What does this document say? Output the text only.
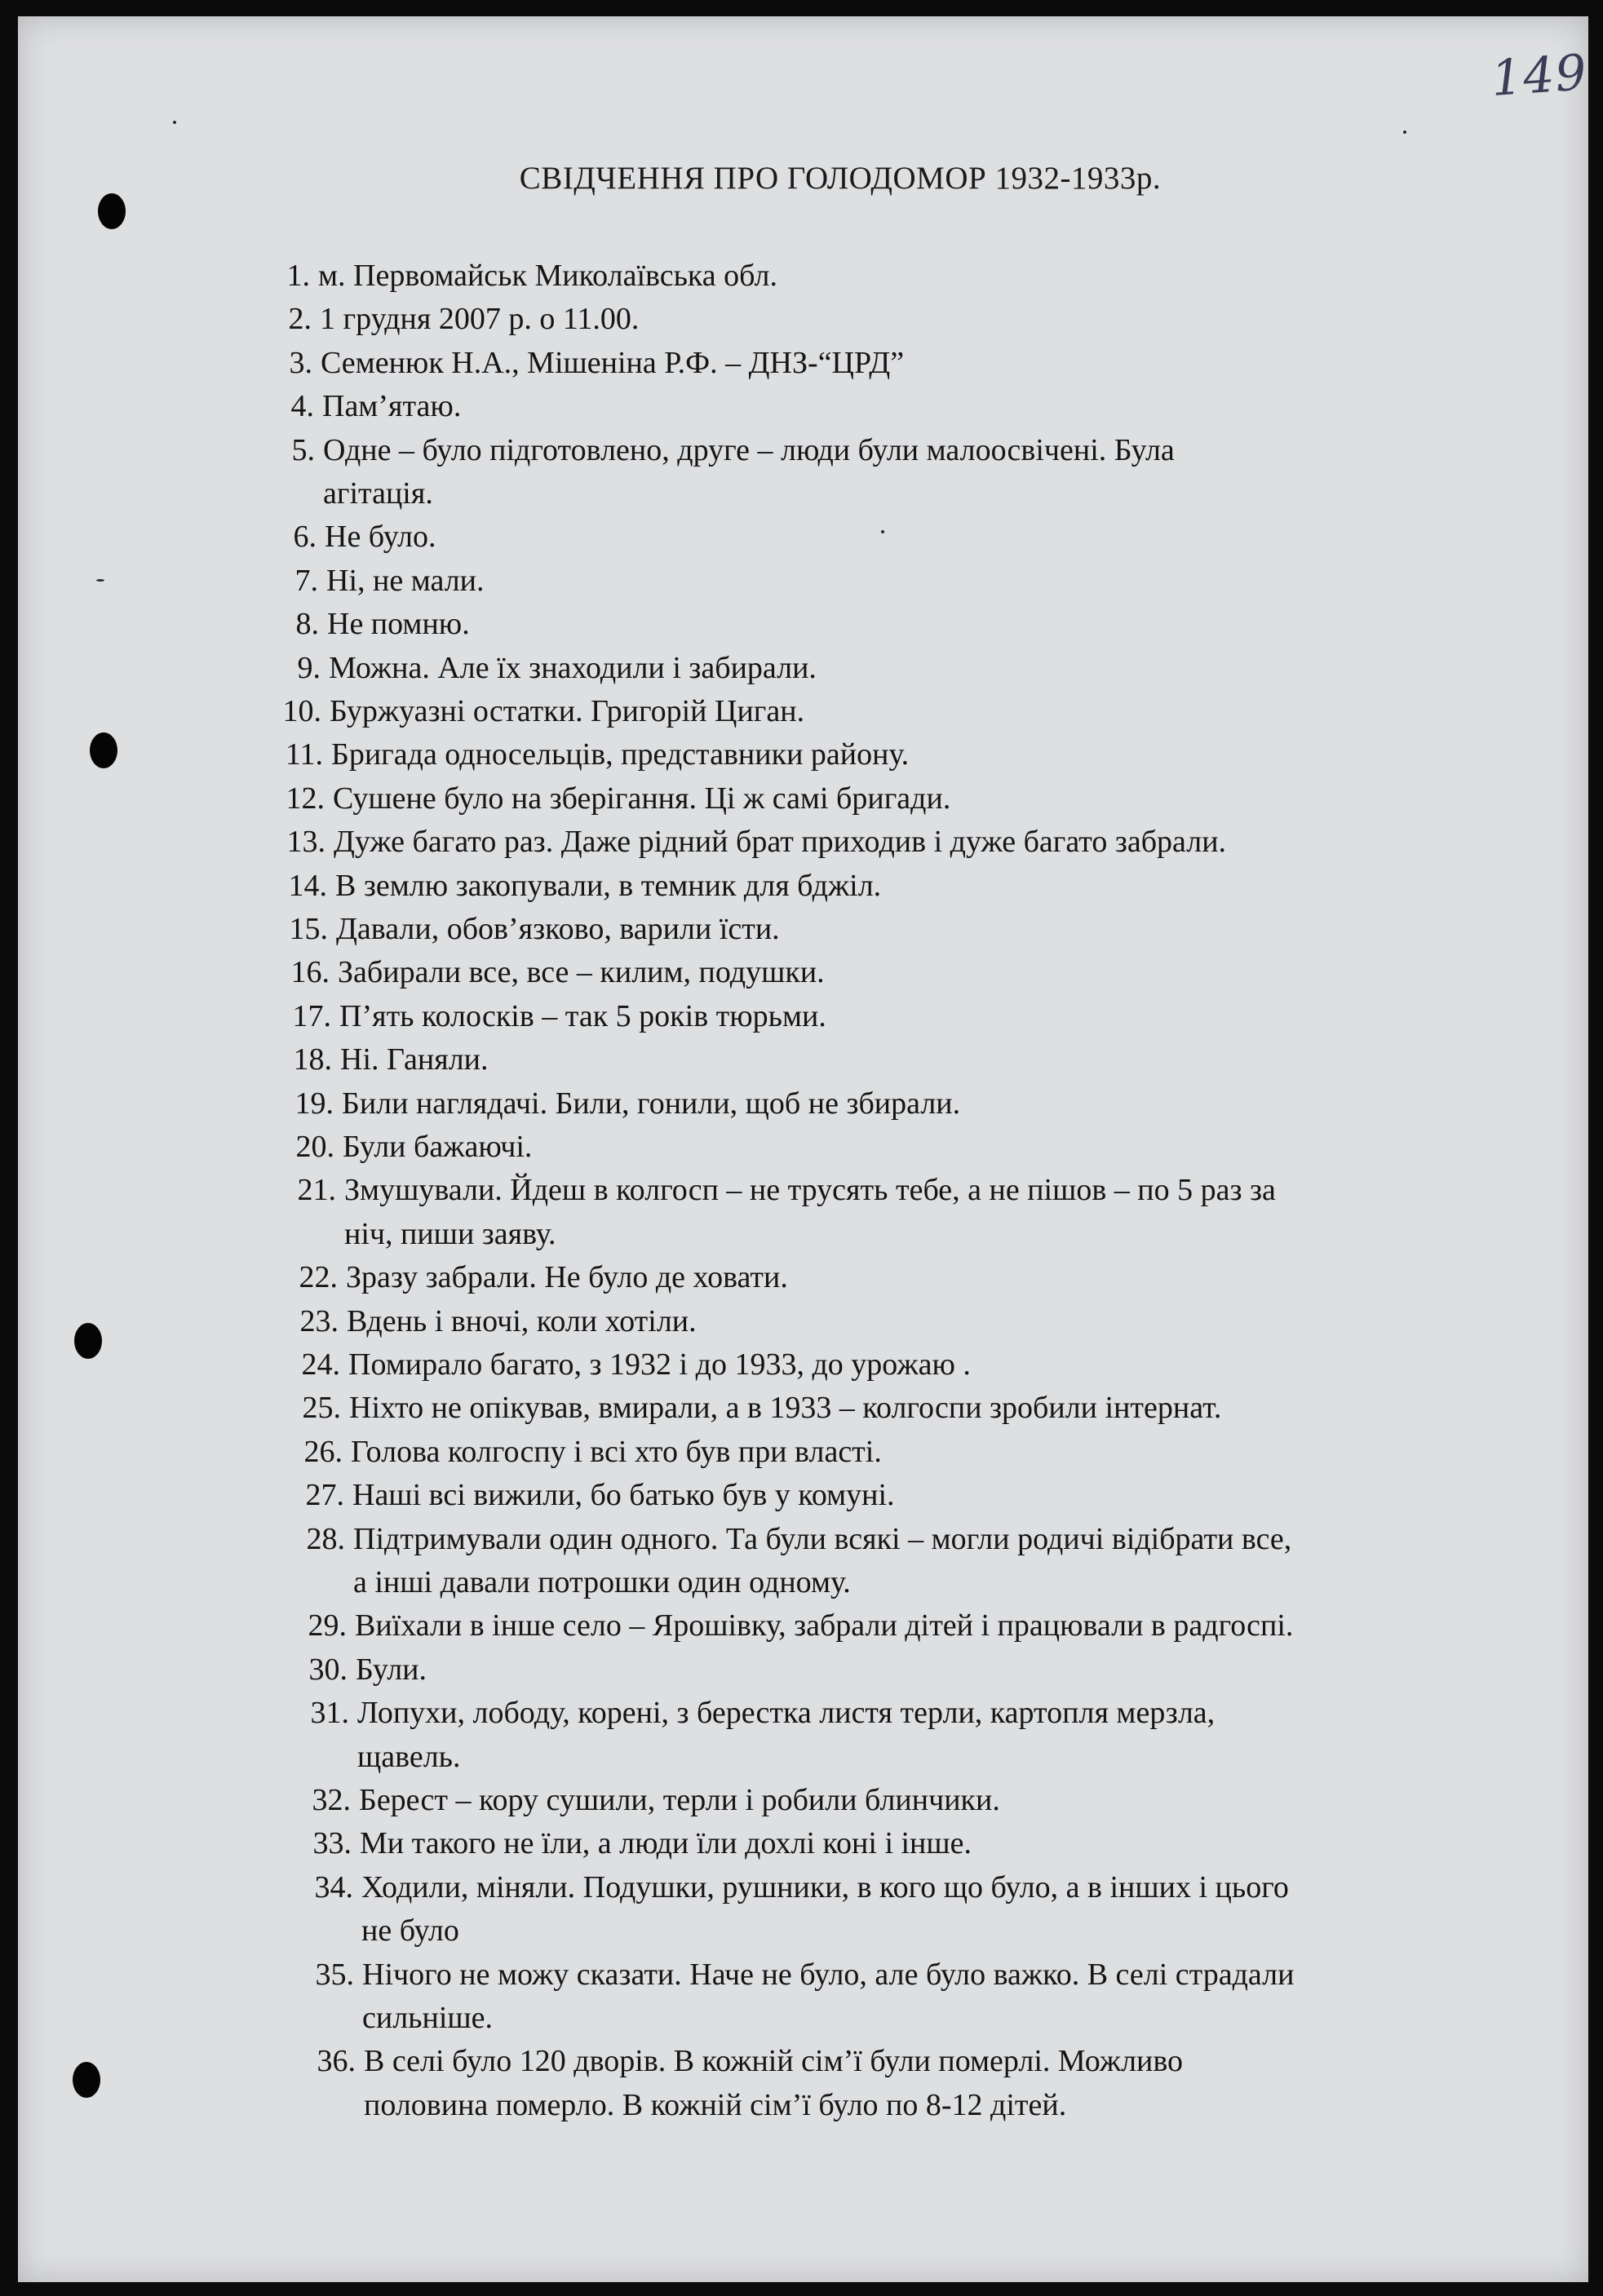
149
СВІДЧЕННЯ ПРО ГОЛОДОМОР 1932-1933р.
1. м. Первомайськ Миколаївська обл.
2. 1 грудня 2007 р. о 11.00.
3. Семенюк Н.А., Мішеніна Р.Ф. – ДНЗ-“ЦРД”
4. Пам’ятаю.
5. Одне – було підготовлено, друге – люди були малоосвічені. Була
агітація.
6. Не було.
7. Ні, не мали.
8. Не помню.
9. Можна. Але їх знаходили і забирали.
10. Буржуазні остатки. Григорій Циган.
11. Бригада односельців, представники району.
12. Сушене було на зберігання. Ці ж самі бригади.
13. Дуже багато раз. Даже рідний брат приходив і дуже багато забрали.
14. В землю закопували, в темник для бджіл.
15. Давали, обов’язково, варили їсти.
16. Забирали все, все – килим, подушки.
17. П’ять колосків – так 5 років тюрьми.
18. Ні. Ганяли.
19. Били наглядачі. Били, гонили, щоб не збирали.
20. Були бажаючі.
21. Змушували. Йдеш в колгосп – не трусять тебе, а не пішов – по 5 раз за
ніч, пиши заяву.
22. Зразу забрали. Не було де ховати.
23. Вдень і вночі, коли хотіли.
24. Помирало багато, з 1932 і до 1933, до урожаю .
25. Ніхто не опікував, вмирали, а в 1933 – колгоспи зробили інтернат.
26. Голова колгоспу і всі хто був при власті.
27. Наші всі вижили, бо батько був у комуні.
28. Підтримували один одного. Та були всякі – могли родичі відібрати все,
а інші давали потрошки один одному.
29. Виїхали в інше село – Ярошівку, забрали дітей і працювали в радгоспі.
30. Були.
31. Лопухи, лободу, корені, з берестка листя терли, картопля мерзла,
щавель.
32. Берест – кору сушили, терли і робили блинчики.
33. Ми такого не їли, а люди їли дохлі коні і інше.
34. Ходили, міняли. Подушки, рушники, в кого що було, а в інших і цього
не було
35. Нічого не можу сказати. Наче не було, але було важко. В селі страдали
сильніше.
36. В селі було 120 дворів. В кожній сім’ї були померлі. Можливо
половина померло. В кожній сім’ї було по 8-12 дітей.
